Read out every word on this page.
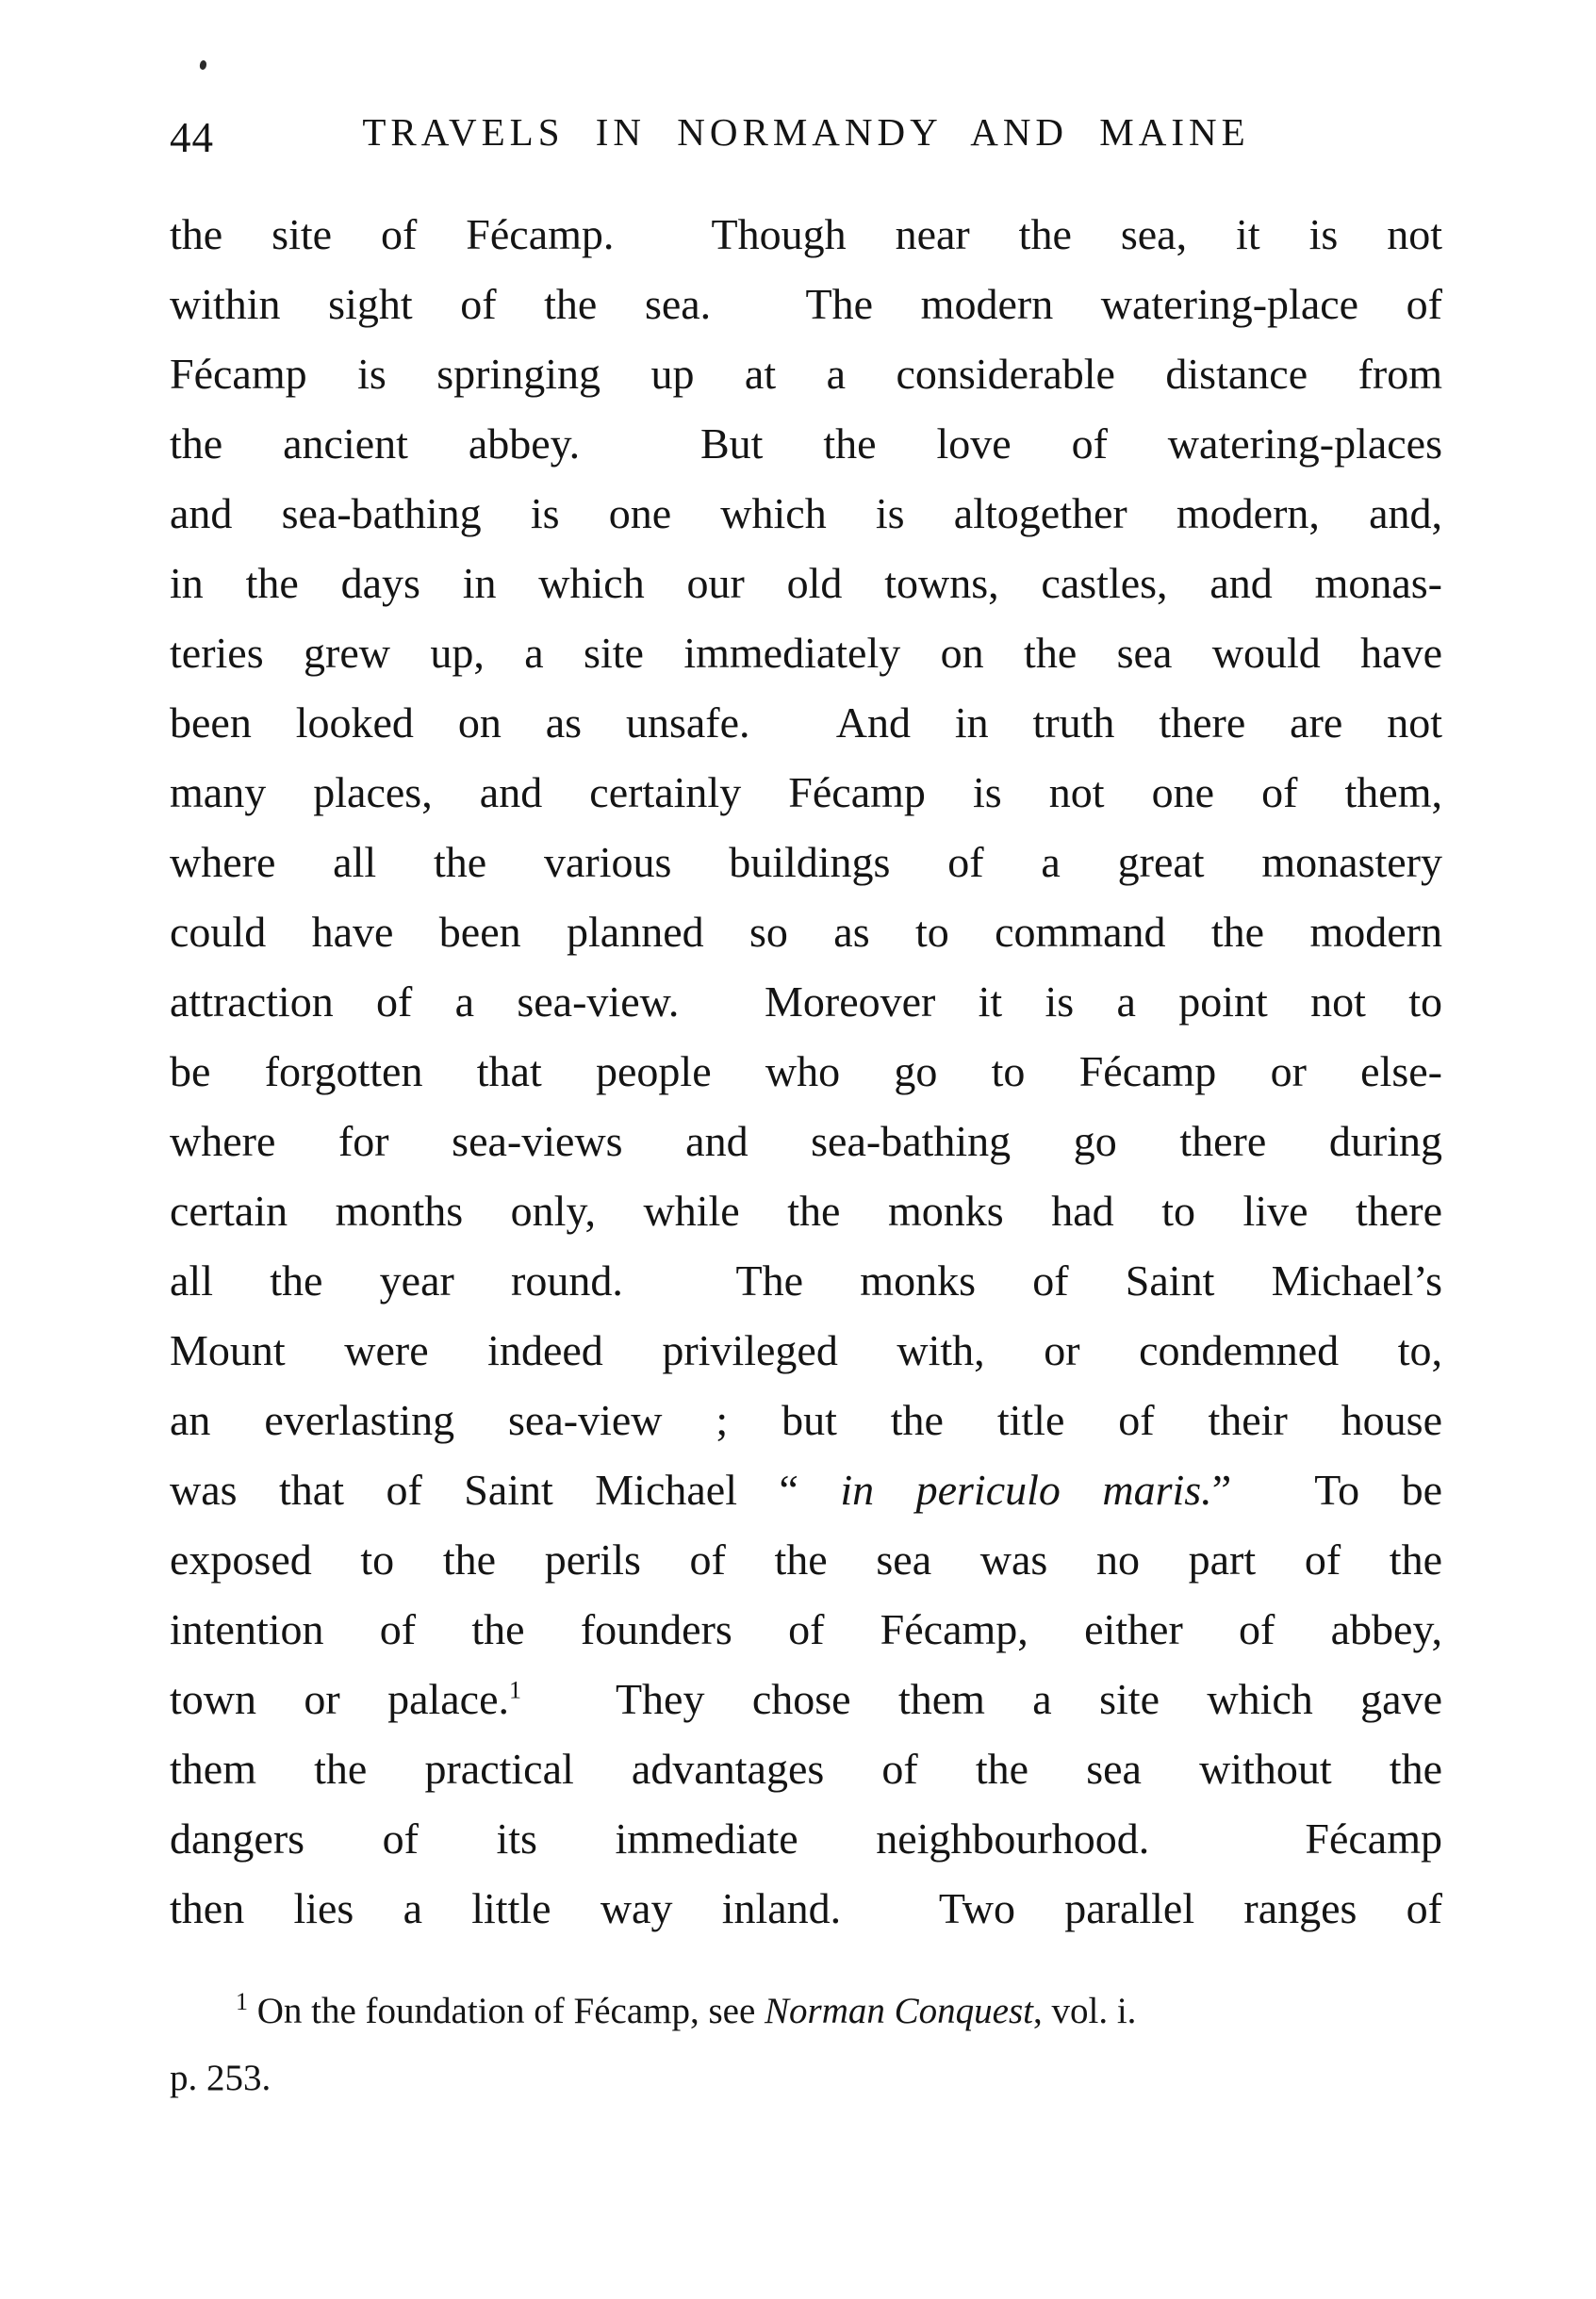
44	TRAVELS IN NORMANDY AND MAINE
the site of Fécamp.  Though near the sea, it is not
within sight of the sea.  The modern watering-place of
Fécamp is springing up at a considerable distance from
the ancient abbey.  But the love of watering-places
and sea-bathing is one which is altogether modern, and,
in the days in which our old towns, castles, and monas-
teries grew up, a site immediately on the sea would have
been looked on as unsafe.  And in truth there are not
many places, and certainly Fécamp is not one of them,
where all the various buildings of a great monastery
could have been planned so as to command the modern
attraction of a sea-view.  Moreover it is a point not to
be forgotten that people who go to Fécamp or else-
where for sea-views and sea-bathing go there during
certain months only, while the monks had to live there
all the year round.  The monks of Saint Michael’s
Mount were indeed privileged with, or condemned to,
an everlasting sea-view ; but the title of their house
was that of Saint Michael “ in periculo maris.”  To be
exposed to the perils of the sea was no part of the
intention of the founders of Fécamp, either of abbey,
town or palace.$^1$  They chose them a site which gave
them the practical advantages of the sea without the
dangers of its immediate neighbourhood.  Fécamp
then lies a little way inland.  Two parallel ranges of
$^1$ On the foundation of Fécamp, see Norman Conquest, vol. i.
p. 253.
